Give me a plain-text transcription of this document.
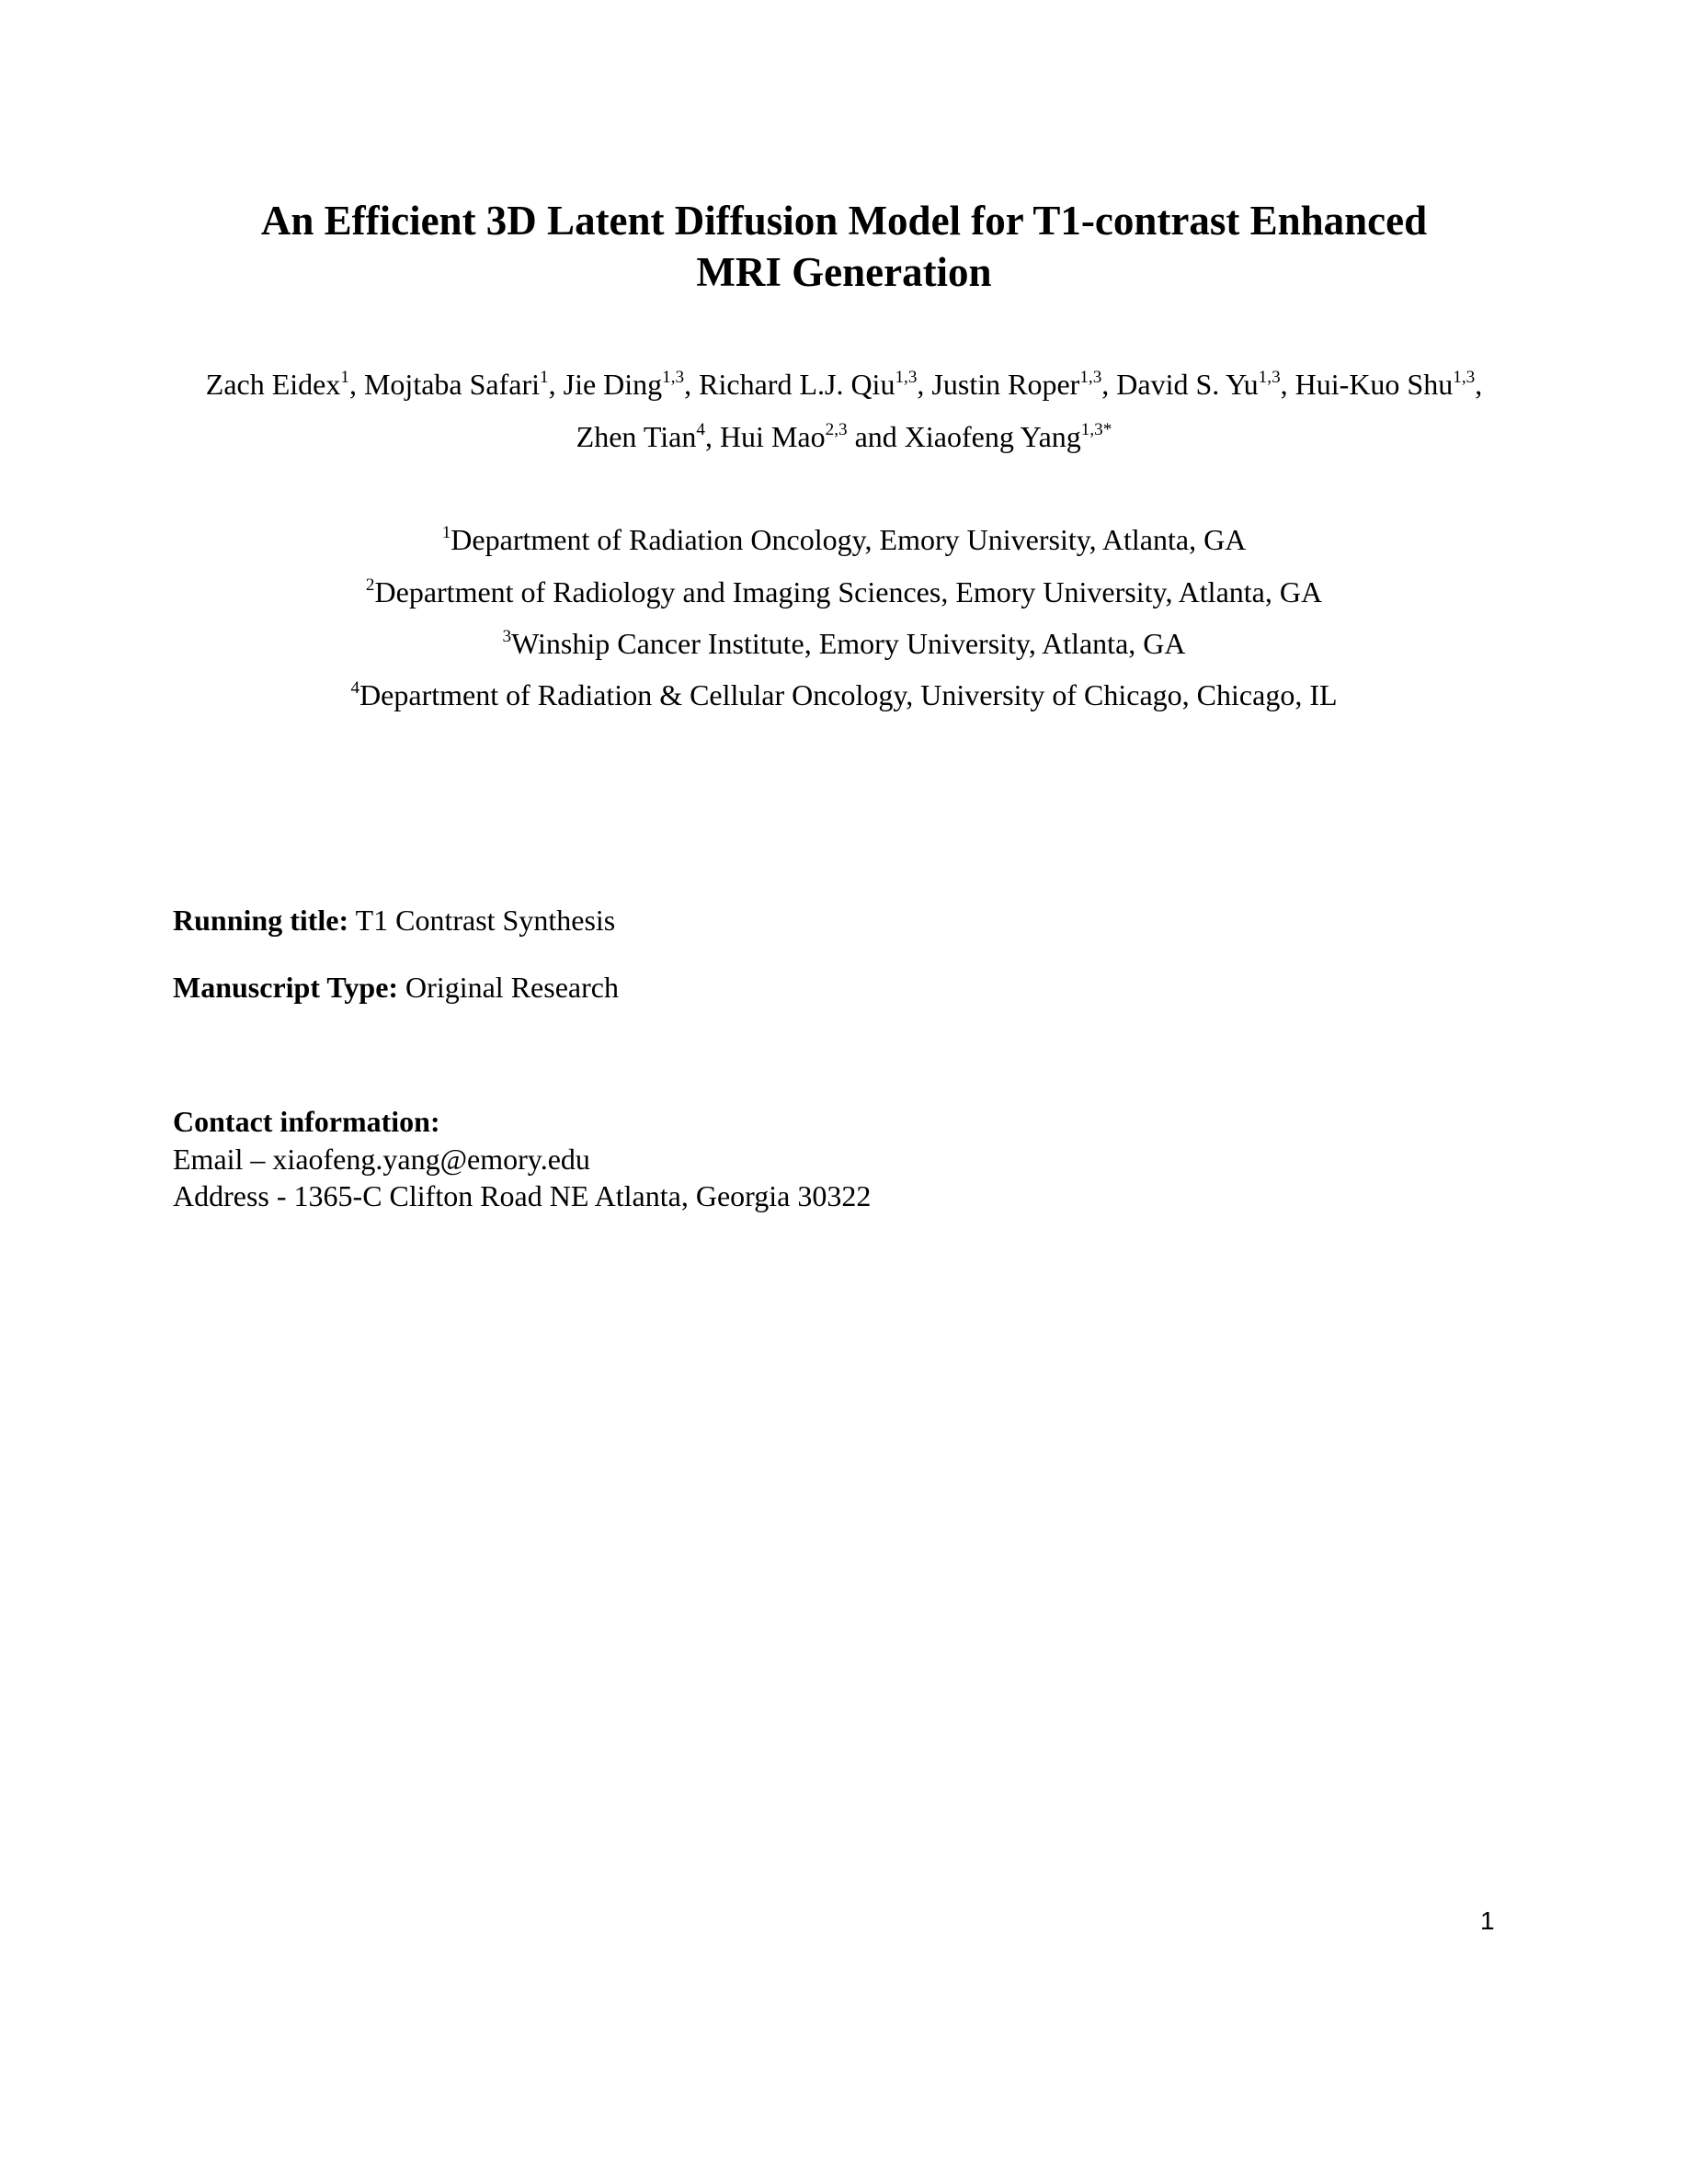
An Efficient 3D Latent Diffusion Model for T1-contrast Enhanced
MRI Generation
Zach Eidex$^1$, Mojtaba Safari$^1$, Jie Ding$^{1,3}$, Richard L.J. Qiu$^{1,3}$, Justin Roper$^{1,3}$, David S. Yu$^{1,3}$, Hui-Kuo Shu$^{1,3}$,
Zhen Tian$^4$, Hui Mao$^{2,3}$ and Xiaofeng Yang$^{1,3*}$
$^1$Department of Radiation Oncology, Emory University, Atlanta, GA
$^2$Department of Radiology and Imaging Sciences, Emory University, Atlanta, GA
$^3$Winship Cancer Institute, Emory University, Atlanta, GA
$^4$Department of Radiation & Cellular Oncology, University of Chicago, Chicago, IL
Running title: T1 Contrast Synthesis
Manuscript Type: Original Research
Contact information:
Email – xiaofeng.yang@emory.edu
Address - 1365-C Clifton Road NE Atlanta, Georgia 30322
1
